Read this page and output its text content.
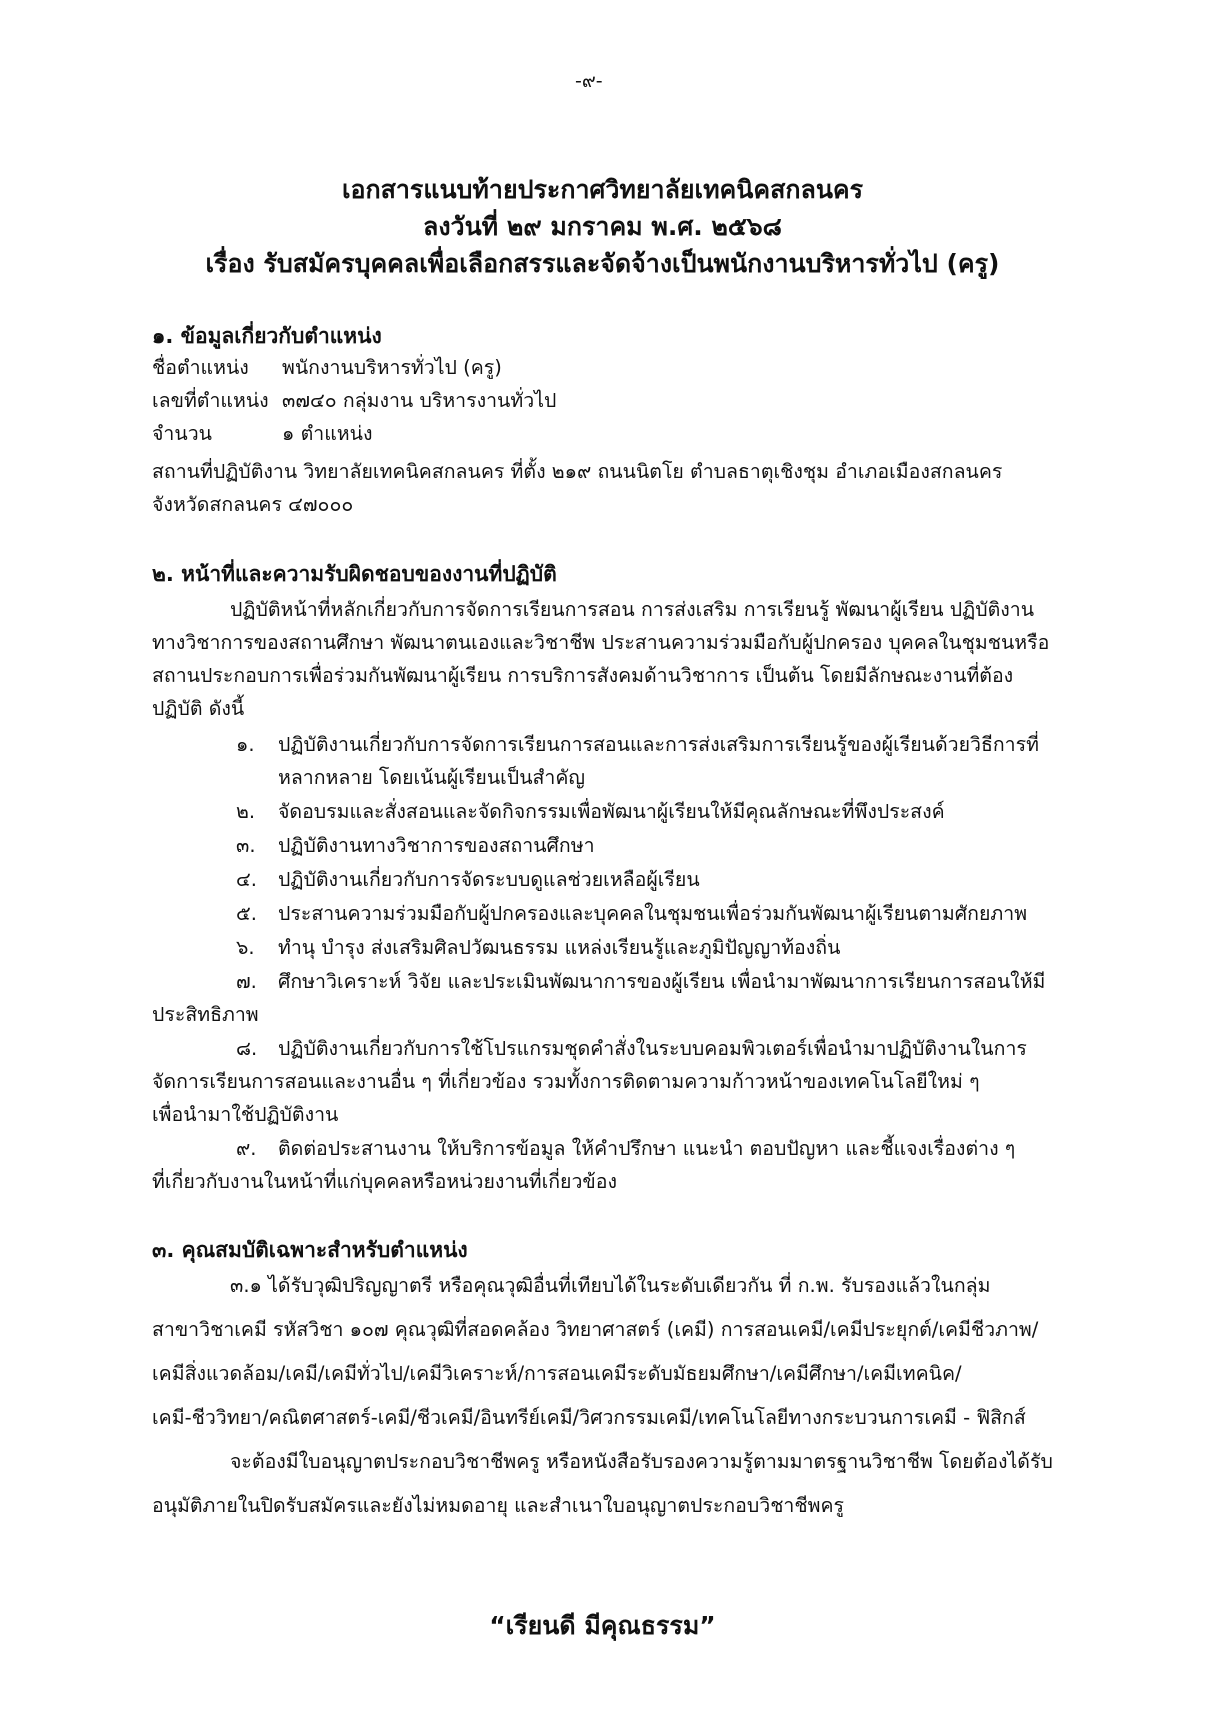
-๙-

เอกสารแนบท้ายประกาศวิทยาลัยเทคนิคสกลนคร

ลงวันที่ ๒๙ มกราคม พ.ศ. ๒๕๖๘

เรื่อง รับสมัครบุคคลเพื่อเลือกสรรและจัดจ้างเป็นพนักงานบริหารทั่วไป (ครู)

๑. ข้อมูลเกี่ยวกับตำแหน่ง

ชื่อตำแหน่ง พนักงานบริหารทั่วไป (ครู)

เลขที่ตำแหน่ง ๓๗๔๐ กลุ่มงาน บริหารงานทั่วไป

จำนวน	๑ ตำแหน่ง

สถานที่ปฏิบัติงาน วิทยาลัยเทคนิคสกลนคร ที่ตั้ง ๒๑๙ ถนนนิตโย ตำบลธาตุเชิงชุม อำเภอเมืองสกลนคร

จังหวัดสกลนคร ๔๗๐๐๐

๒. หน้าที่และความรับผิดชอบของงานที่ปฏิบัติ

ปฏิบัติหน้าที่หลักเกี่ยวกับการจัดการเรียนการสอน การส่งเสริม การเรียนรู้ พัฒนาผู้เรียน ปฏิบัติงาน

ทางวิชาการของสถานศึกษา พัฒนาตนเองและวิชาชีพ ประสานความร่วมมือกับผู้ปกครอง บุคคลในชุมชนหรือ

สถานประกอบการเพื่อร่วมกันพัฒนาผู้เรียน การบริการสังคมด้านวิชาการ เป็นต้น โดยมีลักษณะงานที่ต้อง

ปฏิบัติ ดังนี้

๑.	ปฏิบัติงานเกี่ยวกับการจัดการเรียนการสอนและการส่งเสริมการเรียนรู้ของผู้เรียนด้วยวิธีการที่

หลากหลาย โดยเน้นผู้เรียนเป็นสำคัญ

๒.	จัดอบรมและสั่งสอนและจัดกิจกรรมเพื่อพัฒนาผู้เรียนให้มีคุณลักษณะที่พึงประสงค์

๓.	ปฏิบัติงานทางวิชาการของสถานศึกษา

๔.	ปฏิบัติงานเกี่ยวกับการจัดระบบดูแลช่วยเหลือผู้เรียน

๕.	ประสานความร่วมมือกับผู้ปกครองและบุคคลในชุมชนเพื่อร่วมกันพัฒนาผู้เรียนตามศักยภาพ

๖.	ทำนุ บำรุง ส่งเสริมศิลปวัฒนธรรม แหล่งเรียนรู้และภูมิปัญญาท้องถิ่น

๗.	ศึกษาวิเคราะห์ วิจัย และประเมินพัฒนาการของผู้เรียน เพื่อนำมาพัฒนาการเรียนการสอนให้มี

ประสิทธิภาพ

๘.	ปฏิบัติงานเกี่ยวกับการใช้โปรแกรมชุดคำสั่งในระบบคอมพิวเตอร์เพื่อนำมาปฏิบัติงานในการ

จัดการเรียนการสอนและงานอื่น ๆ ที่เกี่ยวข้อง รวมทั้งการติดตามความก้าวหน้าของเทคโนโลยีใหม่ ๆ

เพื่อนำมาใช้ปฏิบัติงาน

๙.	ติดต่อประสานงาน ให้บริการข้อมูล ให้คำปรึกษา แนะนำ ตอบปัญหา และชี้แจงเรื่องต่าง ๆ

ที่เกี่ยวกับงานในหน้าที่แก่บุคคลหรือหน่วยงานที่เกี่ยวข้อง

๓. คุณสมบัติเฉพาะสำหรับตำแหน่ง

๓.๑ ได้รับวุฒิปริญญาตรี หรือคุณวุฒิอื่นที่เทียบได้ในระดับเดียวกัน ที่ ก.พ. รับรองแล้วในกลุ่ม

สาขาวิชาเคมี รหัสวิชา ๑๐๗ คุณวุฒิที่สอดคล้อง วิทยาศาสตร์ (เคมี) การสอนเคมี/เคมีประยุกต์/เคมีชีวภาพ/

เคมีสิ่งแวดล้อม/เคมี/เคมีทั่วไป/เคมีวิเคราะห์/การสอนเคมีระดับมัธยมศึกษา/เคมีศึกษา/เคมีเทคนิค/

เคมี-ชีววิทยา/คณิตศาสตร์-เคมี/ชีวเคมี/อินทรีย์เคมี/วิศวกรรมเคมี/เทคโนโลยีทางกระบวนการเคมี - ฟิสิกส์

จะต้องมีใบอนุญาตประกอบวิชาชีพครู หรือหนังสือรับรองความรู้ตามมาตรฐานวิชาชีพ โดยต้องได้รับ

อนุมัติภายในปิดรับสมัครและยังไม่หมดอายุ และสำเนาใบอนุญาตประกอบวิชาชีพครู

“เรียนดี มีคุณธรรม”
